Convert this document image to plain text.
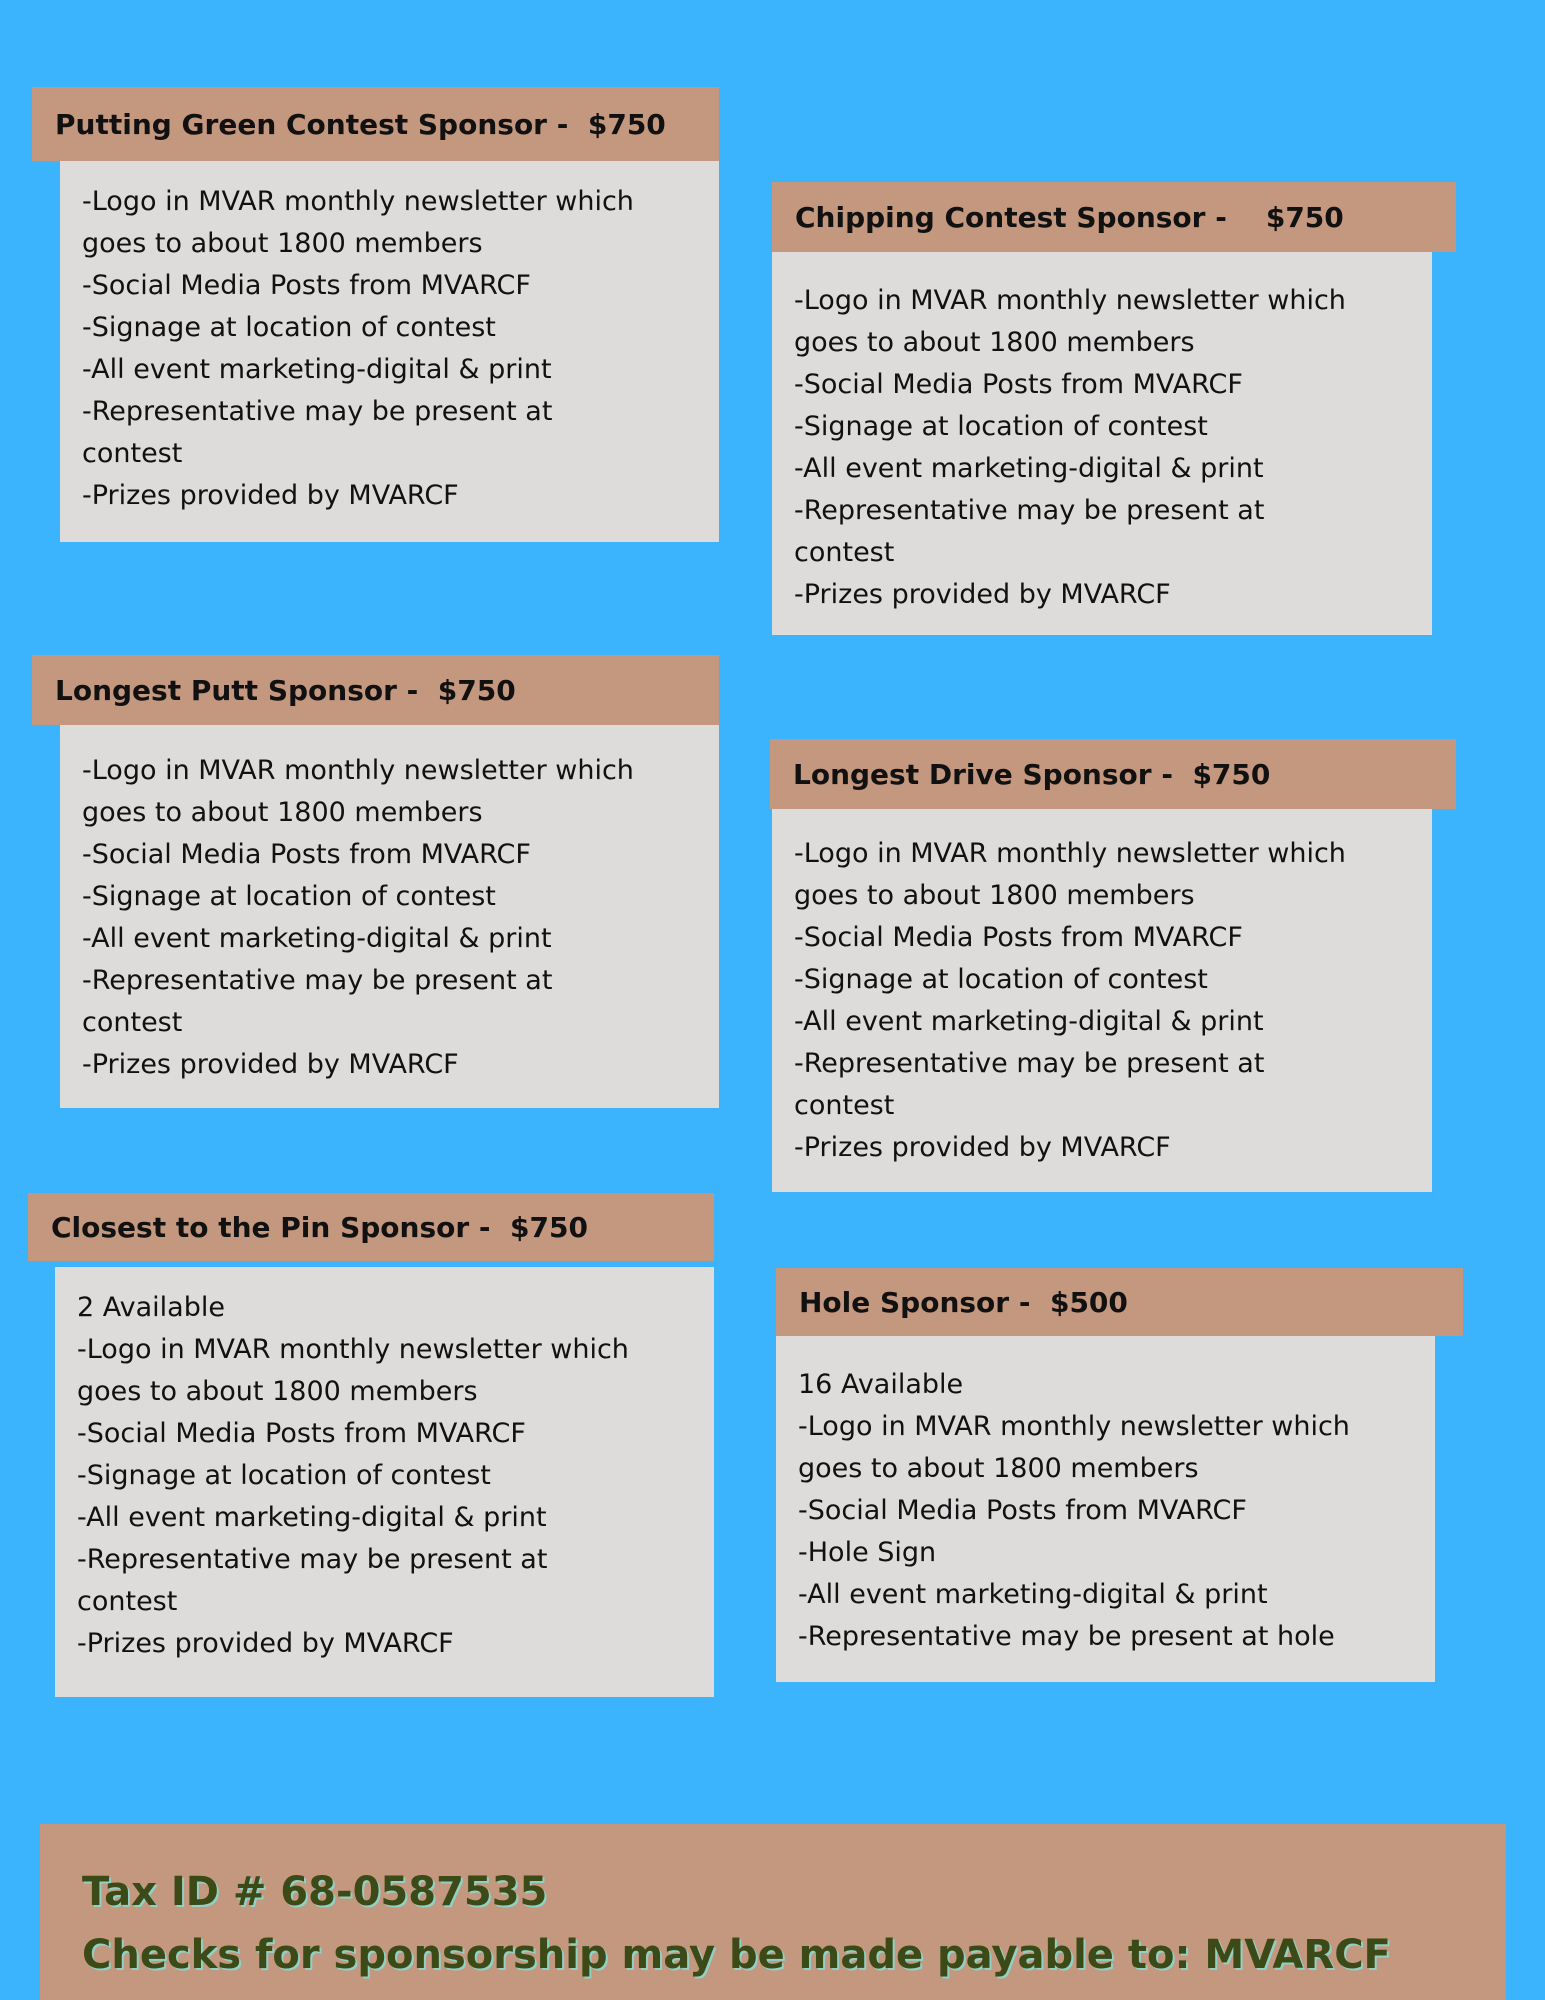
Putting Green Contest Sponsor -  $750
-Logo in MVAR monthly newsletter which
goes to about 1800 members
-Social Media Posts from MVARCF
-Signage at location of contest
-All event marketing-digital & print
-Representative may be present at
contest
-Prizes provided by MVARCF
Chipping Contest Sponsor -    $750
-Logo in MVAR monthly newsletter which
goes to about 1800 members
-Social Media Posts from MVARCF
-Signage at location of contest
-All event marketing-digital & print
-Representative may be present at
contest
-Prizes provided by MVARCF
Longest Putt Sponsor -  $750
-Logo in MVAR monthly newsletter which
goes to about 1800 members
-Social Media Posts from MVARCF
-Signage at location of contest
-All event marketing-digital & print
-Representative may be present at
contest
-Prizes provided by MVARCF
Longest Drive Sponsor -  $750
-Logo in MVAR monthly newsletter which
goes to about 1800 members
-Social Media Posts from MVARCF
-Signage at location of contest
-All event marketing-digital & print
-Representative may be present at
contest
-Prizes provided by MVARCF
Closest to the Pin Sponsor -  $750
2 Available
-Logo in MVAR monthly newsletter which
goes to about 1800 members
-Social Media Posts from MVARCF
-Signage at location of contest
-All event marketing-digital & print
-Representative may be present at
contest
-Prizes provided by MVARCF
Hole Sponsor -  $500
16 Available
-Logo in MVAR monthly newsletter which
goes to about 1800 members
-Social Media Posts from MVARCF
-Hole Sign
-All event marketing-digital & print
-Representative may be present at hole
Tax ID # 68-0587535
Checks for sponsorship may be made payable to: MVARCF
